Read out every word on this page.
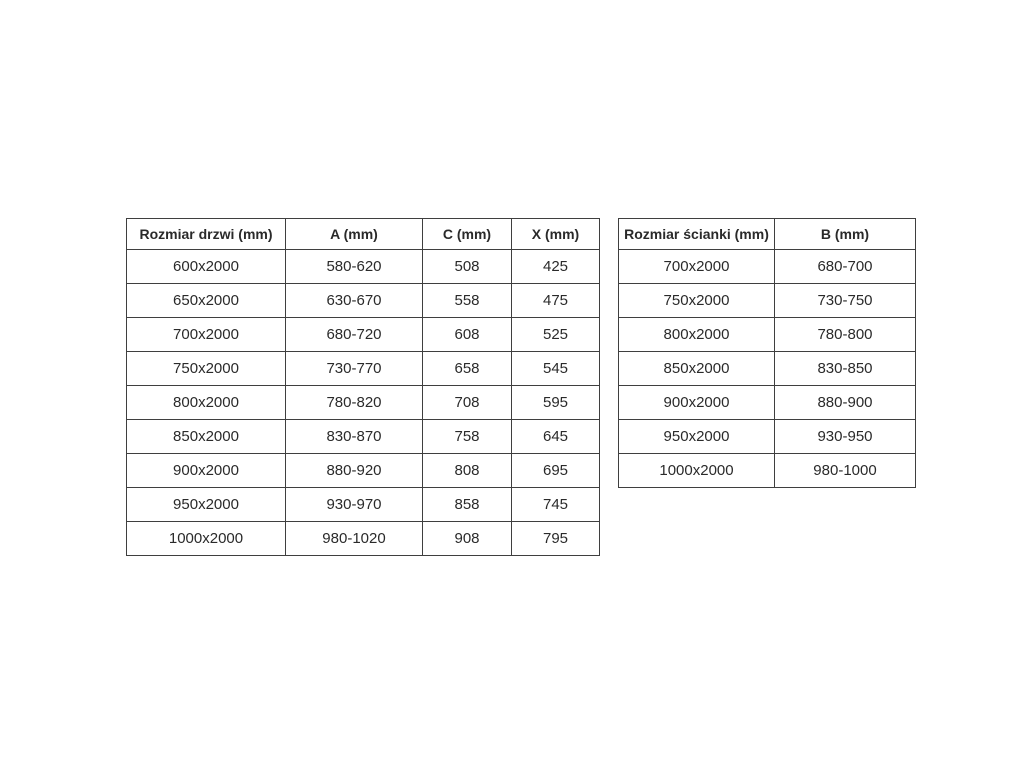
Rozmiar drzwi (mm)	A (mm)	C (mm)	X (mm)
600x2000	580-620	508	425
650x2000	630-670	558	475
700x2000	680-720	608	525
750x2000	730-770	658	545
800x2000	780-820	708	595
850x2000	830-870	758	645
900x2000	880-920	808	695
950x2000	930-970	858	745
1000x2000	980-1020	908	795
Rozmiar ścianki (mm)	B (mm)
700x2000	680-700
750x2000	730-750
800x2000	780-800
850x2000	830-850
900x2000	880-900
950x2000	930-950
1000x2000	980-1000
